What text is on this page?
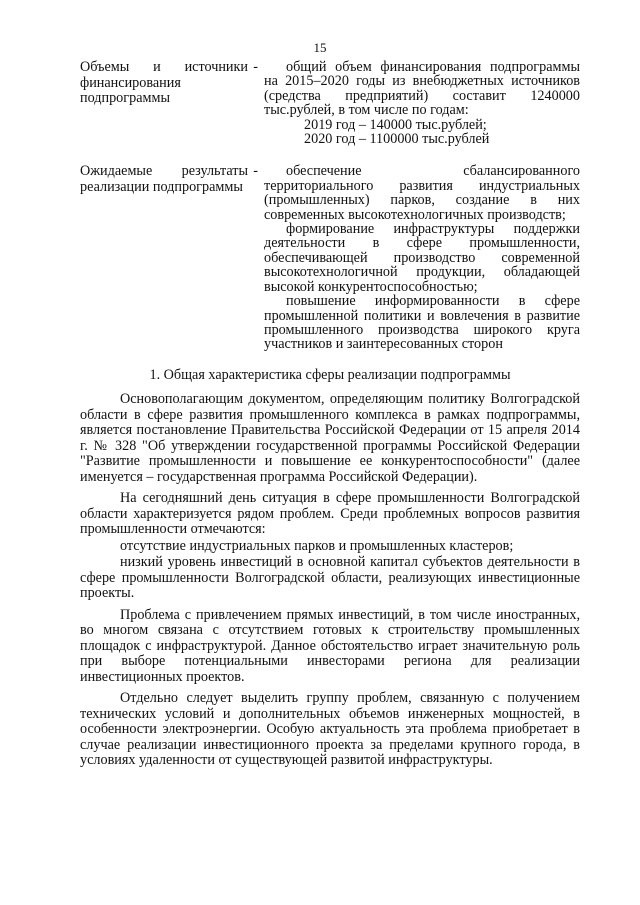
15
Объемы и источники финансирования подпрограммы
-	общий объем финансирования подпрограммы на 2015–2020 годы из внебюджетных источников (средства предприятий) составит 1240000 тыс.рублей, в том числе по годам:

2019 год – 140000 тыс.рублей;

2020 год – 1100000 тыс.рублей

Ожидаемые результаты реализации подпрограммы
-	обеспечение сбалансированного территориального развития индустриальных (промышленных) парков, создание в них современных высокотехнологичных производств;

формирование инфраструктуры поддержки деятельности в сфере промышленности, обеспечивающей производство современной высокотехнологичной продукции, обладающей высокой конкурентоспособностью;

повышение информированности в сфере промышленной политики и вовлечения в развитие промышленного производства широкого круга участников и заинтересованных сторон

1. Общая характеристика сферы реализации подпрограммы

Основополагающим документом, определяющим политику Волгоградской области в сфере развития промышленного комплекса в рамках подпрограммы, является постановление Правительства Российской Федерации от 15 апреля 2014 г. № 328 "Об утверждении государственной программы Российской Федерации "Развитие промышленности и повышение ее конкурентоспособности" (далее именуется – государственная программа Российской Федерации).

На сегодняшний день ситуация в сфере промышленности Волгоградской области характеризуется рядом проблем. Среди проблемных вопросов развития промышленности отмечаются:

отсутствие индустриальных парков и промышленных кластеров;

низкий уровень инвестиций в основной капитал субъектов деятельности в сфере промышленности Волгоградской области, реализующих инвестиционные проекты.

Проблема с привлечением прямых инвестиций, в том числе иностранных, во многом связана с отсутствием готовых к строительству промышленных площадок с инфраструктурой. Данное обстоятельство играет значительную роль при выборе потенциальными инвесторами региона для реализации инвестиционных проектов.

Отдельно следует выделить группу проблем, связанную с получением технических условий и дополнительных объемов инженерных мощностей, в особенности электроэнергии. Особую актуальность эта проблема приобретает в случае реализации инвестиционного проекта за пределами крупного города, в условиях удаленности от существующей развитой инфраструктуры.
